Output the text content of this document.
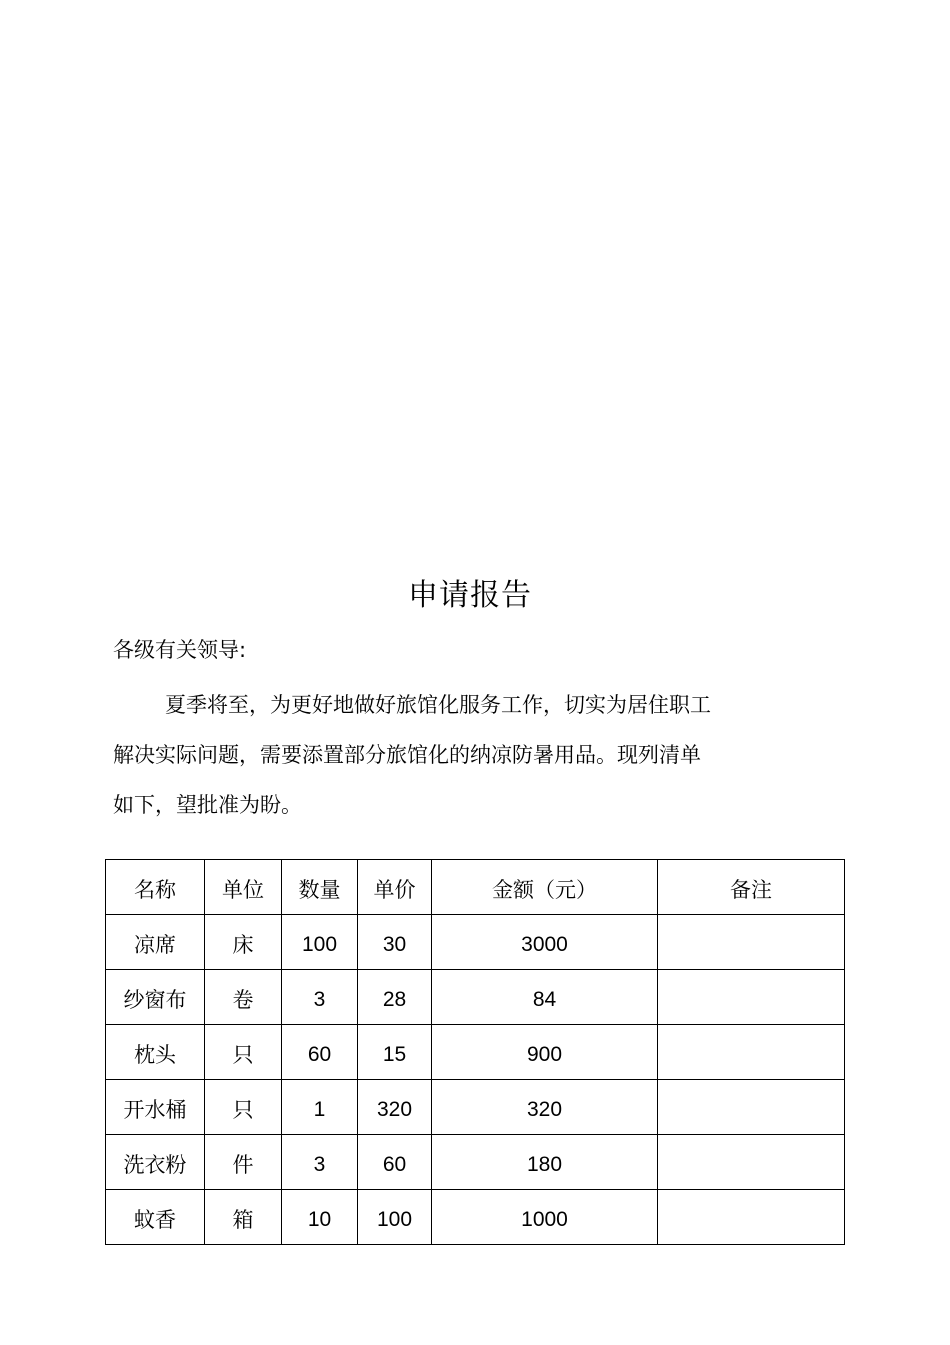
申请报告
各级有关领导:
夏季将至，为更好地做好旅馆化服务工作，切实为居住职工
解决实际问题，需要添置部分旅馆化的纳凉防暑用品。现列清单
如下，望批准为盼。
名称	单位	数量	单价	金额（元）	备注
凉席	床	100	30	3000	
纱窗布	卷	3	28	84	
枕头	只	60	15	900	
开水桶	只	1	320	320	
洗衣粉	件	3	60	180	
蚊香	箱	10	100	1000	
